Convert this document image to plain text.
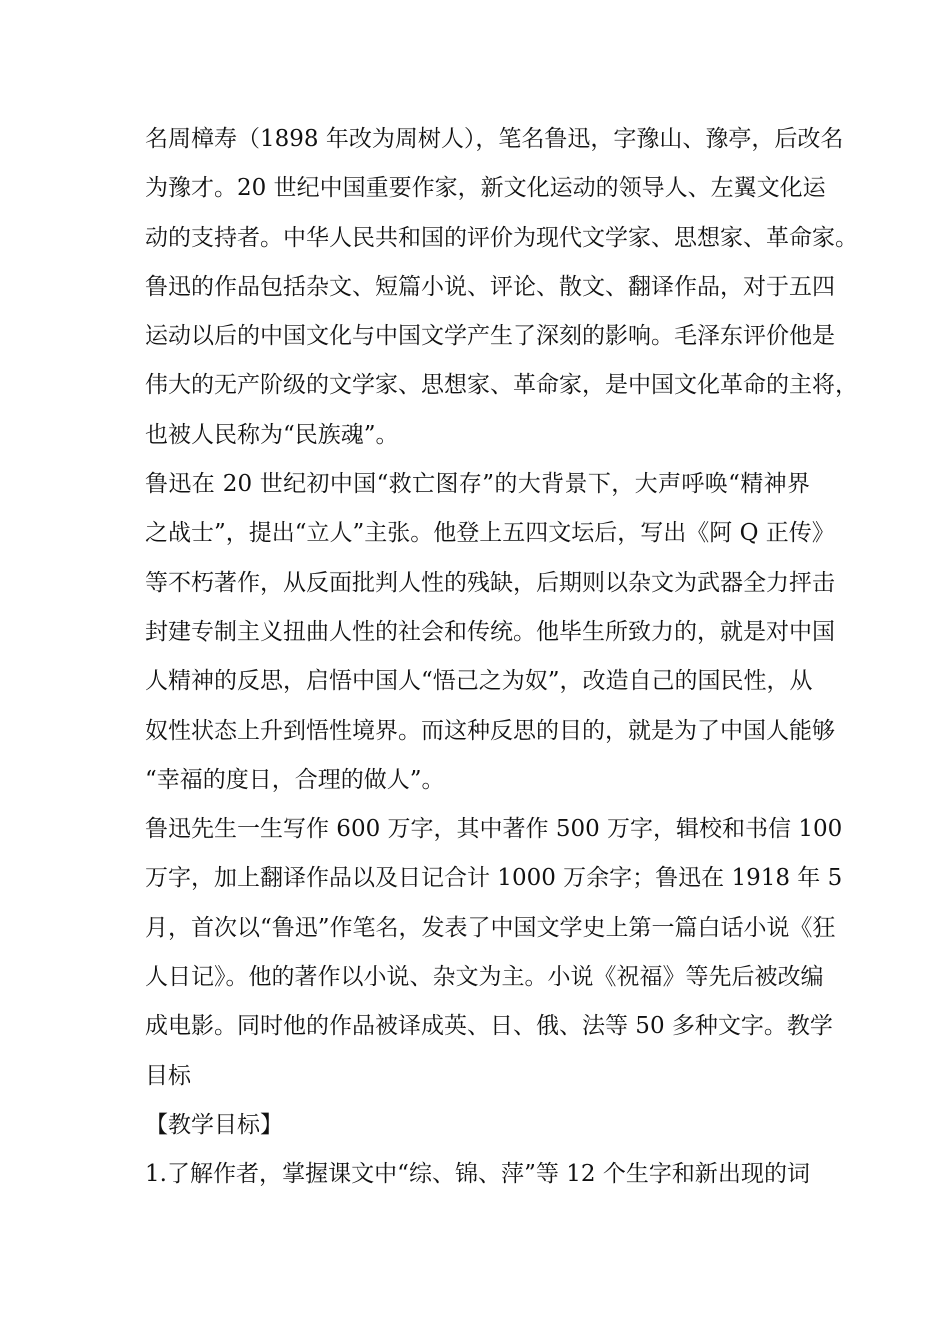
名周樟寿（1898 年改为周树人），笔名鲁迅，字豫山、豫亭，后改名
为豫才。20 世纪中国重要作家，新文化运动的领导人、左翼文化运
动的支持者。中华人民共和国的评价为现代文学家、思想家、革命家。
鲁迅的作品包括杂文、短篇小说、评论、散文、翻译作品，对于五四
运动以后的中国文化与中国文学产生了深刻的影响。毛泽东评价他是
伟大的无产阶级的文学家、思想家、革命家，是中国文化革命的主将，
也被人民称为“民族魂”。
鲁迅在 20 世纪初中国“救亡图存”的大背景下，大声呼唤“精神界
之战士”，提出“立人”主张。他登上五四文坛后，写出《阿 Q 正传》
等不朽著作，从反面批判人性的残缺，后期则以杂文为武器全力抨击
封建专制主义扭曲人性的社会和传统。他毕生所致力的，就是对中国
人精神的反思，启悟中国人“悟己之为奴”，改造自己的国民性，从
奴性状态上升到悟性境界。而这种反思的目的，就是为了中国人能够
“幸福的度日，合理的做人”。
鲁迅先生一生写作 600 万字，其中著作 500 万字，辑校和书信 100
万字，加上翻译作品以及日记合计 1000 万余字；鲁迅在 1918 年 5
月，首次以“鲁迅”作笔名，发表了中国文学史上第一篇白话小说《狂
人日记》。他的著作以小说、杂文为主。小说《祝福》等先后被改编
成电影。同时他的作品被译成英、日、俄、法等 50 多种文字。教学
目标
【教学目标】
1.了解作者，掌握课文中“综、锦、萍”等 12 个生字和新出现的词
